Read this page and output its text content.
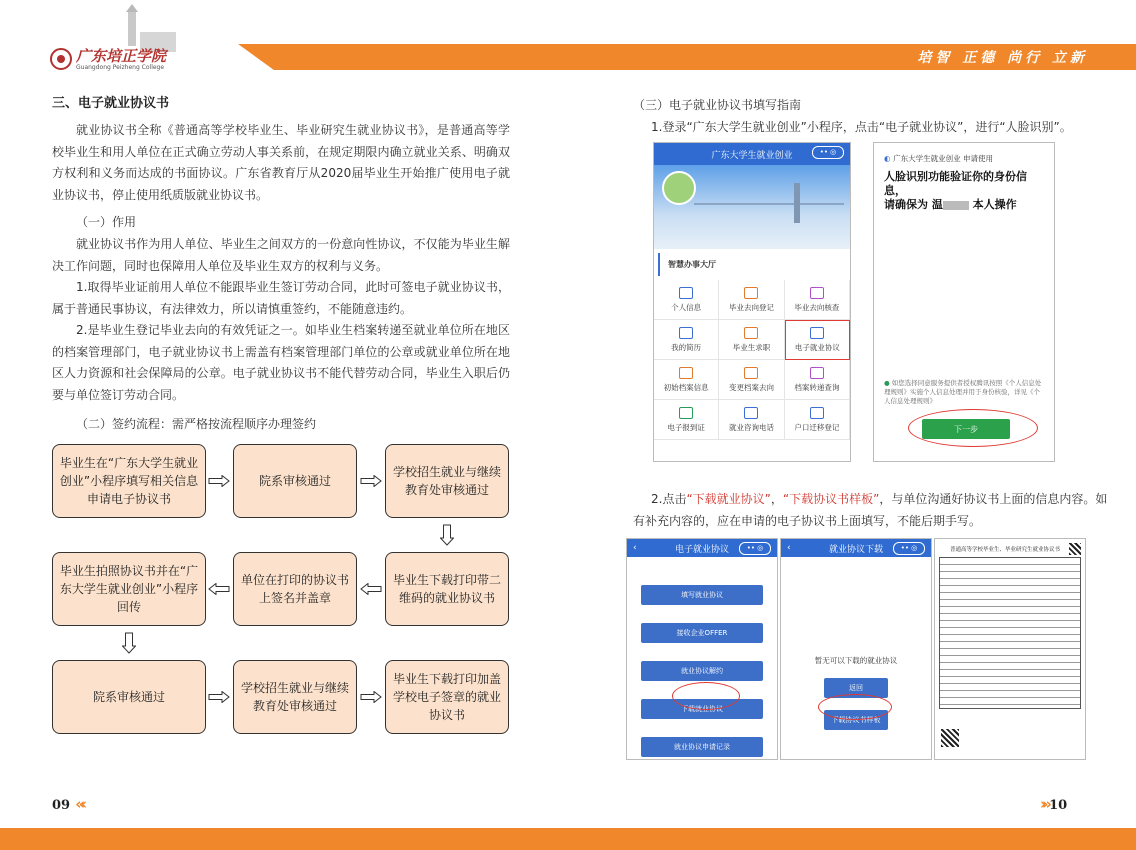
广东培正学院
Guangdong Peizheng College
培智 正德 尚行 立新
三、电子就业协议书

就业协议书全称《普通高等学校毕业生、毕业研究生就业协议书》，是普通高等学校毕业生和用人单位在正式确立劳动人事关系前，在规定期限内确立就业关系、明确双方权利和义务而达成的书面协议。广东省教育厅从2020届毕业生开始推广使用电子就业协议书，停止使用纸质版就业协议书。

（一）作用

就业协议书作为用人单位、毕业生之间双方的一份意向性协议，不仅能为毕业生解决工作问题，同时也保障用人单位及毕业生双方的权利与义务。

1.取得毕业证前用人单位不能跟毕业生签订劳动合同，此时可签电子就业协议书，属于普通民事协议，有法律效力，所以请慎重签约，不能随意违约。

2.是毕业生登记毕业去向的有效凭证之一。如毕业生档案转递至就业单位所在地区的档案管理部门，电子就业协议书上需盖有档案管理部门单位的公章或就业单位所在地区人力资源和社会保障局的公章。电子就业协议书不能代替劳动合同，毕业生入职后仍要与单位签订劳动合同。

（二）签约流程：需严格按流程顺序办理签约

毕业生在“广东大学生就业创业”小程序填写相关信息申请电子协议书
院系审核通过
学校招生就业与继续教育处审核通过
毕业生下载打印带二维码的就业协议书
单位在打印的协议书上签名并盖章
毕业生拍照协议书并在“广东大学生就业创业”小程序回传
院系审核通过
学校招生就业与继续教育处审核通过
毕业生下载打印加盖学校电子签章的就业协议书
（三）电子就业协议书填写指南
1.登录“广东大学生就业创业”小程序，点击“电子就业协议”，进行“人脸识别”。
广东大学生就业创业	•• ◎
智慧办事大厅
个人信息	毕业去向登记	毕业去向核查
我的简历	毕业生求职	电子就业协议
初始档案信息	变更档案去向	档案转递查询
电子报到证	就业咨询电话	户口迁移登记
◐ 广东大学生就业创业 申请使用
人脸识别功能验证你的身份信息，
请确保为 温 本人操作
● 如您选择同意服务提供者授权腾讯按照《个人信息处理规则》实施个人信息处理并用于身份核验，详见《个人信息处理规则》
下一步
2.点击“下载就业协议”，“下载协议书样板”，与单位沟通好协议书上面的信息内容。如有补充内容的，应在申请的电子协议书上面填写，不能后期手写。
‹	电子就业协议	•• ◎
填写就业协议
接收企业OFFER
就业协议解约
下载就业协议
就业协议申请记录
‹	就业协议下载	•• ◎
暂无可以下载的就业协议
返回
下载协议书样板
普通高等学校毕业生、毕业研究生就业协议书
09 «‹	›» 10
